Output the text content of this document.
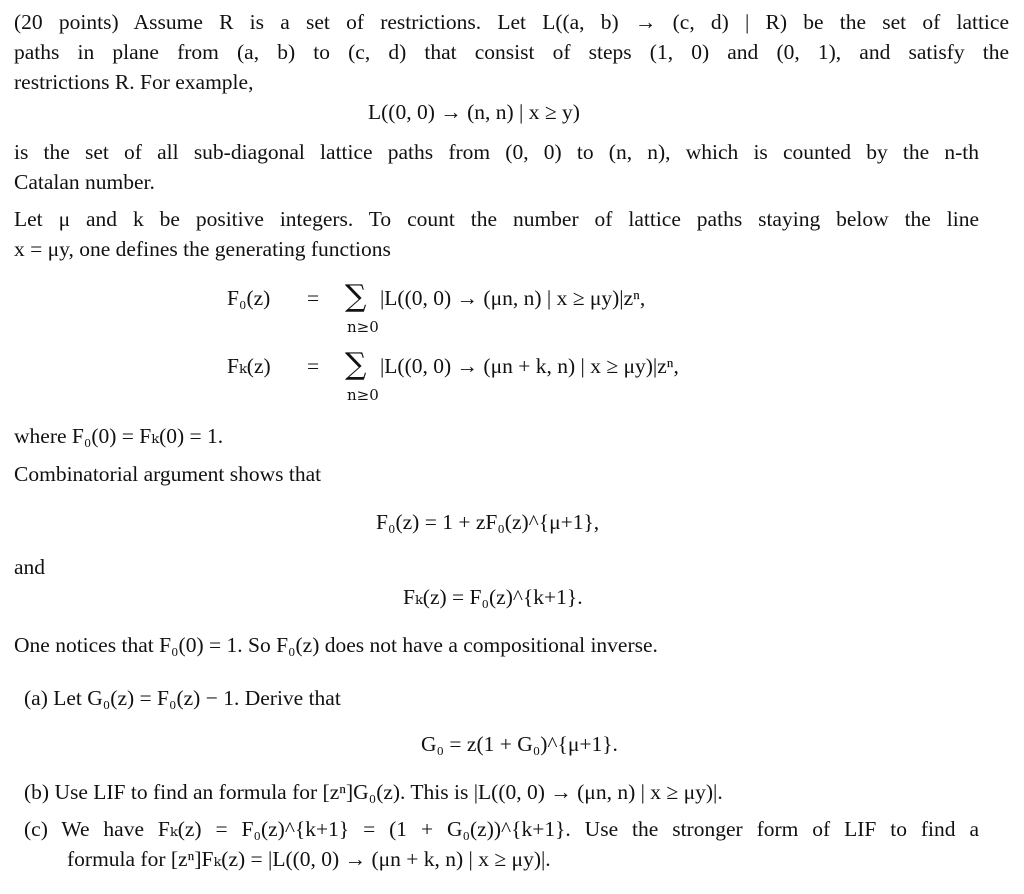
(20 points) Assume R is a set of restrictions. Let L((a, b) → (c, d) | R) be the set of lattice
paths in plane from (a, b) to (c, d) that consist of steps (1, 0) and (0, 1), and satisfy the
restrictions R. For example,
L((0, 0) → (n, n) | x ≥ y)
is the set of all sub-diagonal lattice paths from (0, 0) to (n, n), which is counted by the n-th
Catalan number.
Let μ and k be positive integers. To count the number of lattice paths staying below the line
x = μy, one defines the generating functions
F₀(z) = ∑
n≥0
|L((0, 0) → (μn, n) | x ≥ μy)|zⁿ,
Fₖ(z) = ∑
n≥0
|L((0, 0) → (μn + k, n) | x ≥ μy)|zⁿ,
where F₀(0) = Fₖ(0) = 1.
Combinatorial argument shows that
F₀(z) = 1 + zF₀(z)^{μ+1},
and
Fₖ(z) = F₀(z)^{k+1}.
One notices that F₀(0) = 1. So F₀(z) does not have a compositional inverse.
(a) Let G₀(z) = F₀(z) − 1. Derive that
G₀ = z(1 + G₀)^{μ+1}.
(b) Use LIF to find an formula for [zⁿ]G₀(z). This is |L((0, 0) → (μn, n) | x ≥ μy)|.
(c) We have Fₖ(z) = F₀(z)^{k+1} = (1 + G₀(z))^{k+1}. Use the stronger form of LIF to find a
formula for [zⁿ]Fₖ(z) = |L((0, 0) → (μn + k, n) | x ≥ μy)|.
